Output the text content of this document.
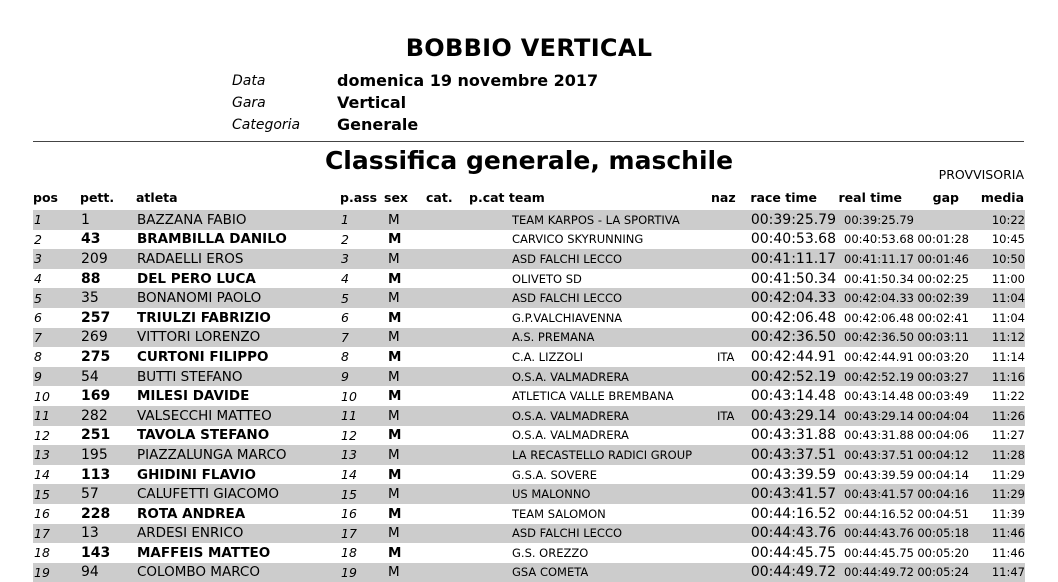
BOBBIO VERTICAL
Data	domenica 19 novembre 2017
Gara	Vertical
Categoria Generale
Classifica generale, maschile	PROVVISORIA
pos pett. atleta	p.ass sex cat. p.cat team	naz	race time	real time	gap	media
1	1	BAZZANA FABIO	1	M	TEAM KARPOS - LA SPORTIVA		00:39:25.79	00:39:25.79		10:22
2	43	BRAMBILLA DANILO	2	M	CARVICO SKYRUNNING		00:40:53.68	00:40:53.68	00:01:28	10:45
3	209	RADAELLI EROS	3	M	ASD FALCHI LECCO		00:41:11.17	00:41:11.17	00:01:46	10:50
4	88	DEL PERO LUCA	4	M	OLIVETO SD		00:41:50.34	00:41:50.34	00:02:25	11:00
5	35	BONANOMI PAOLO	5	M	ASD FALCHI LECCO		00:42:04.33	00:42:04.33	00:02:39	11:04
6	257	TRIULZI FABRIZIO	6	M	G.P.VALCHIAVENNA		00:42:06.48	00:42:06.48	00:02:41	11:04
7	269	VITTORI LORENZO	7	M	A.S. PREMANA		00:42:36.50	00:42:36.50	00:03:11	11:12
8	275	CURTONI FILIPPO	8	M	C.A. LIZZOLI	ITA	00:42:44.91	00:42:44.91	00:03:20	11:14
9	54	BUTTI STEFANO	9	M	O.S.A. VALMADRERA		00:42:52.19	00:42:52.19	00:03:27	11:16
10	169	MILESI DAVIDE	10	M	ATLETICA VALLE BREMBANA		00:43:14.48	00:43:14.48	00:03:49	11:22
11	282	VALSECCHI MATTEO	11	M	O.S.A. VALMADRERA	ITA	00:43:29.14	00:43:29.14	00:04:04	11:26
12	251	TAVOLA STEFANO	12	M	O.S.A. VALMADRERA		00:43:31.88	00:43:31.88	00:04:06	11:27
13	195	PIAZZALUNGA MARCO	13	M	LA RECASTELLO RADICI GROUP		00:43:37.51	00:43:37.51	00:04:12	11:28
14	113	GHIDINI FLAVIO	14	M	G.S.A. SOVERE		00:43:39.59	00:43:39.59	00:04:14	11:29
15	57	CALUFETTI GIACOMO	15	M	US MALONNO		00:43:41.57	00:43:41.57	00:04:16	11:29
16	228	ROTA ANDREA	16	M	TEAM SALOMON		00:44:16.52	00:44:16.52	00:04:51	11:39
17	13	ARDESI ENRICO	17	M	ASD FALCHI LECCO		00:44:43.76	00:44:43.76	00:05:18	11:46
18	143	MAFFEIS MATTEO	18	M	G.S. OREZZO		00:44:45.75	00:44:45.75	00:05:20	11:46
19	94	COLOMBO MARCO	19	M	GSA COMETA		00:44:49.72	00:44:49.72	00:05:24	11:47
